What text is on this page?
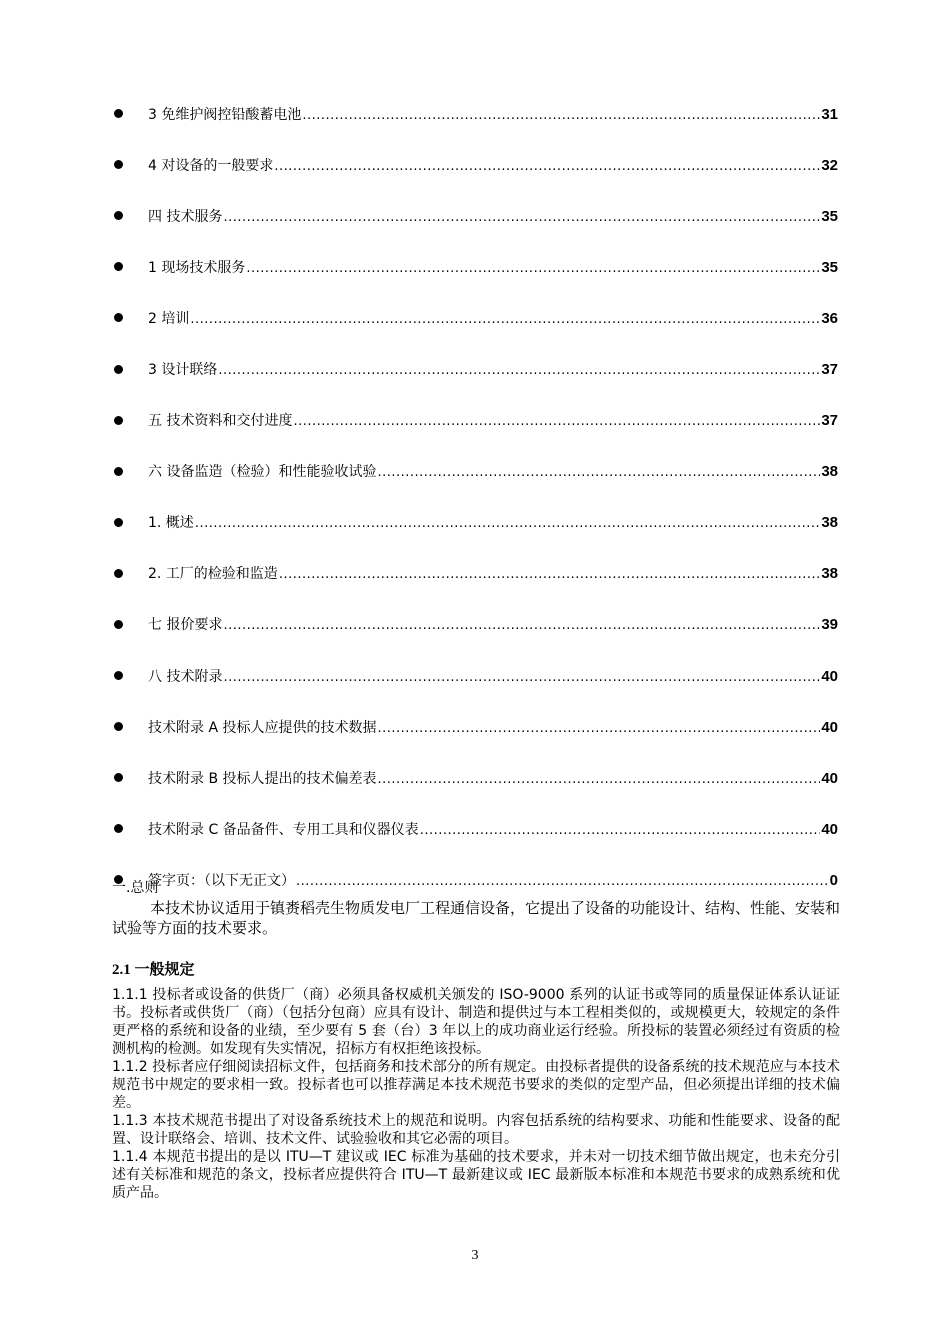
3 免维护阀控铅酸蓄电池 .....	31
4 对设备的一般要求 .....	32
四 技术服务 .....	35
1 现场技术服务 .....	35
2 培训 .....	36
3 设计联络 .....	37
五 技术资料和交付进度 .....	37
六 设备监造（检验）和性能验收试验 .....	38
1. 概述 .....	38
2. 工厂的检验和监造 .....	38
七 报价要求 .....	39
八 技术附录 .....	40
技术附录 A 投标人应提供的技术数据 .....	40
技术附录 B 投标人提出的技术偏差表 .....	40
技术附录 C 备品备件、专用工具和仪器仪表 .....	40
签字页：（以下无正文） .....	0

一.总则

本技术协议适用于镇赉稻壳生物质发电厂工程通信设备，它提出了设备的功能设计、结构、性能、安装和试验等方面的技术要求。

2.1 一般规定

1.1.1 投标者或设备的供货厂（商）必须具备权威机关颁发的 ISO-9000 系列的认证书或等同的质量保证体系认证证书。投标者或供货厂（商）（包括分包商）应具有设计、制造和提供过与本工程相类似的，或规模更大，较规定的条件更严格的系统和设备的业绩，至少要有 5 套（台）3 年以上的成功商业运行经验。所投标的装置必须经过有资质的检测机构的检测。如发现有失实情况，招标方有权拒绝该投标。

1.1.2 投标者应仔细阅读招标文件，包括商务和技术部分的所有规定。由投标者提供的设备系统的技术规范应与本技术规范书中规定的要求相一致。投标者也可以推荐满足本技术规范书要求的类似的定型产品，但必须提出详细的技术偏差。

1.1.3 本技术规范书提出了对设备系统技术上的规范和说明。内容包括系统的结构要求、功能和性能要求、设备的配置、设计联络会、培训、技术文件、试验验收和其它必需的项目。

1.1.4 本规范书提出的是以 ITU—T 建议或 IEC 标准为基础的技术要求，并未对一切技术细节做出规定，也未充分引述有关标准和规范的条文，投标者应提供符合 ITU—T 最新建议或 IEC 最新版本标准和本规范书要求的成熟系统和优质产品。

3
